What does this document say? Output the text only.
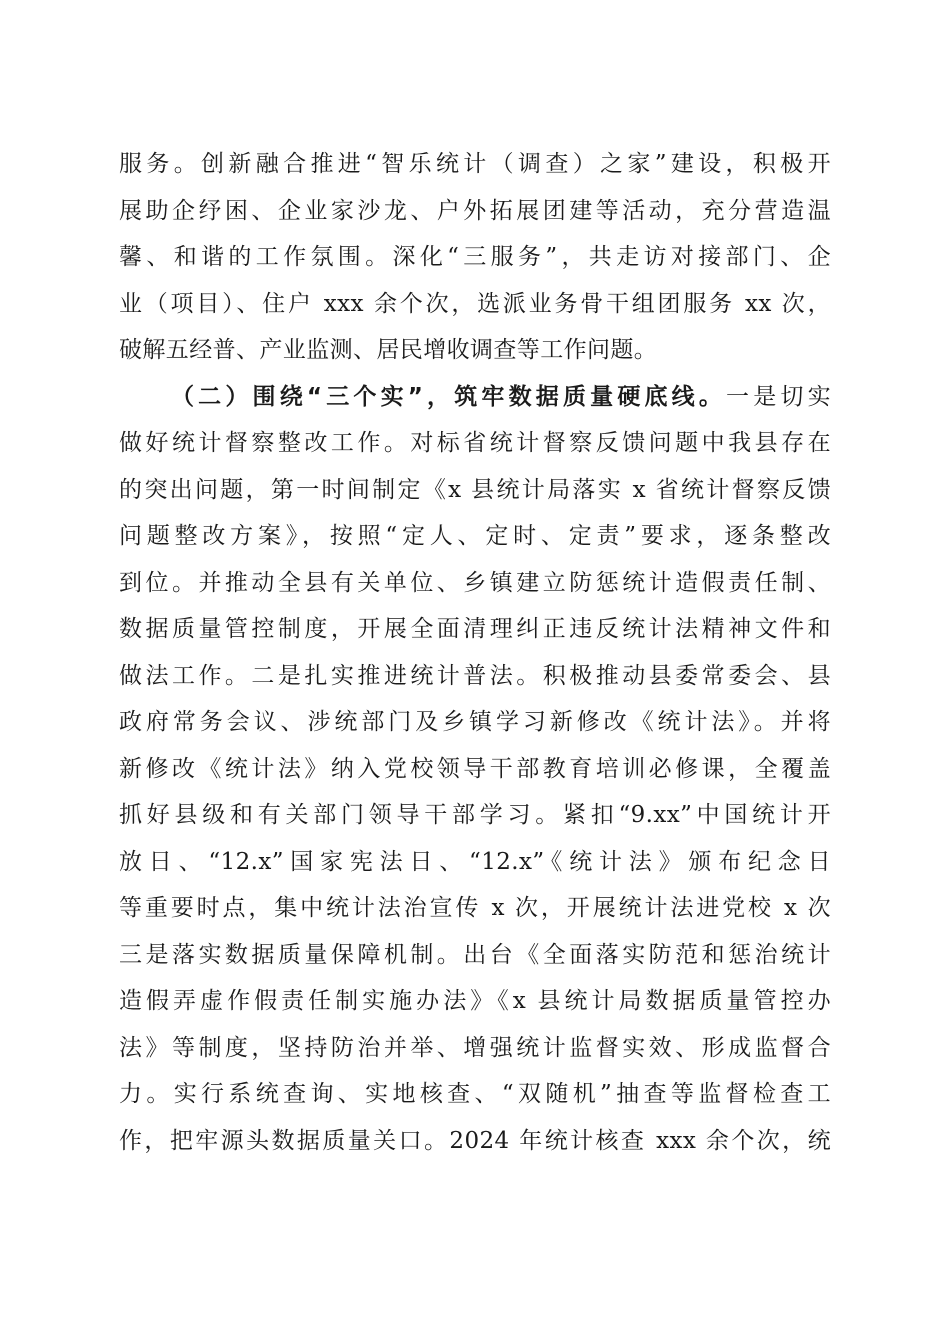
服务。创新融合推进“智乐统计（调查）之家”建设，积极开
展助企纾困、企业家沙龙、户外拓展团建等活动，充分营造温
馨、和谐的工作氛围。深化“三服务”，共走访对接部门、企
业（项目）、住户 xxx 余个次，选派业务骨干组团服务 xx 次，
破解五经普、产业监测、居民增收调查等工作问题。
（二）围绕“三个实”，筑牢数据质量硬底线。一是切实
做好统计督察整改工作。对标省统计督察反馈问题中我县存在
的突出问题，第一时间制定《x 县统计局落实 x 省统计督察反馈
问题整改方案》，按照“定人、定时、定责”要求，逐条整改
到位。并推动全县有关单位、乡镇建立防惩统计造假责任制、
数据质量管控制度，开展全面清理纠正违反统计法精神文件和
做法工作。二是扎实推进统计普法。积极推动县委常委会、县
政府常务会议、涉统部门及乡镇学习新修改《统计法》。并将
新修改《统计法》纳入党校领导干部教育培训必修课，全覆盖
抓好县级和有关部门领导干部学习。紧扣“9.xx”中国统计开
放日、“12.x”国家宪法日、“12.x”《统计法》颁布纪念日
等重要时点，集中统计法治宣传 x 次，开展统计法进党校 x 次
三是落实数据质量保障机制。出台《全面落实防范和惩治统计
造假弄虚作假责任制实施办法》《x 县统计局数据质量管控办
法》等制度，坚持防治并举、增强统计监督实效、形成监督合
力。实行系统查询、实地核查、“双随机”抽查等监督检查工
作，把牢源头数据质量关口。2024 年统计核查 xxx 余个次，统
